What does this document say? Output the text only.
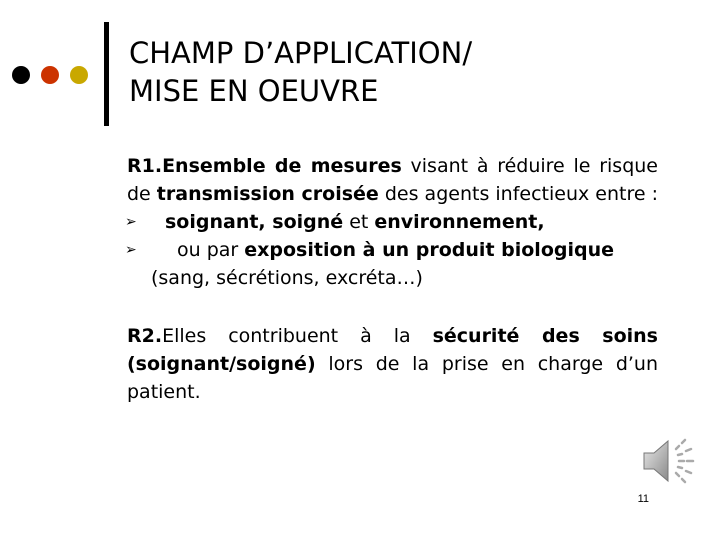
CHAMP D’APPLICATION/
MISE EN OEUVRE
R1.Ensemble de mesures visant à réduire le risque de transmission croisée des agents infectieux entre :
➢ soignant, soigné et environnement,
➢ ou par exposition à un produit biologique
(sang, sécrétions, excréta…)
R2.Elles contribuent à la sécurité des soins (soignant/soigné) lors de la prise en charge d’un patient.
11
